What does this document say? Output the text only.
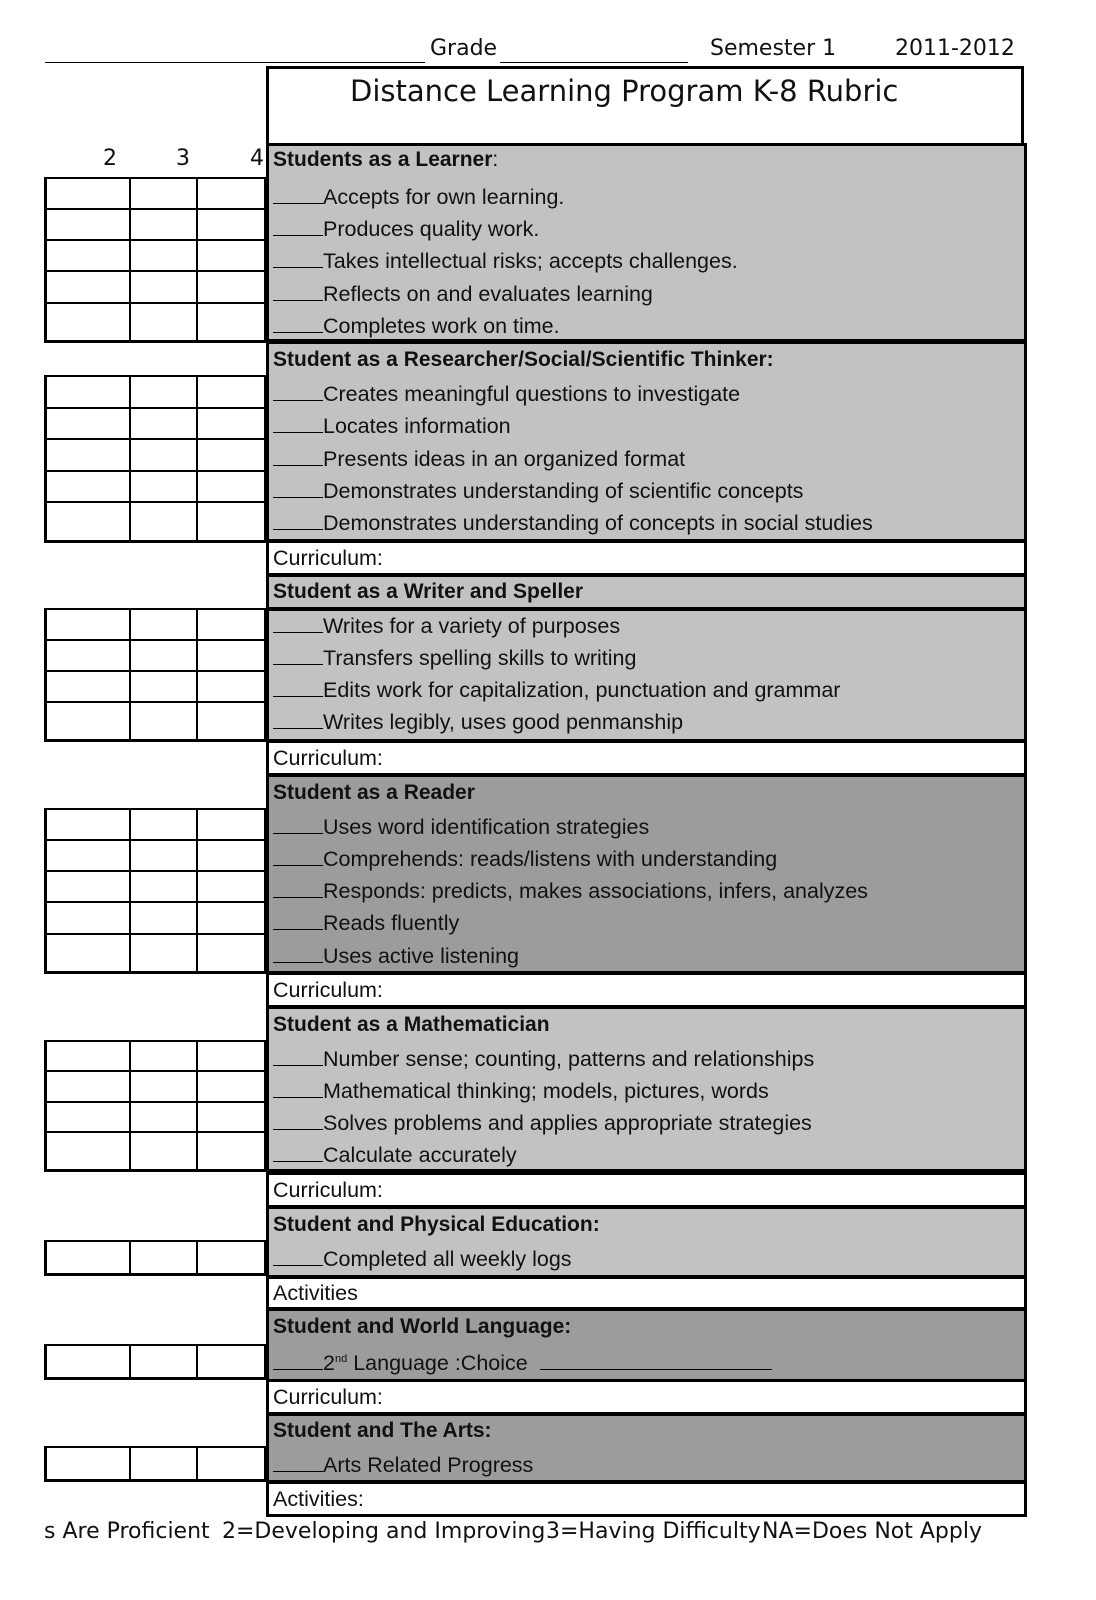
Grade	Semester 1	2011-2012
Distance Learning Program K-8 Rubric
2	3	4 Students as a Learner:
Accepts for own learning.
Produces quality work.
Takes intellectual risks; accepts challenges.
Reflects on and evaluates learning
Completes work on time.

Student as a Researcher/Social/Scientific Thinker:
Creates meaningful questions to investigate
Locates information
Presents ideas in an organized format
Demonstrates understanding of scientific concepts
Demonstrates understanding of concepts in social studies

Curriculum:
Student as a Writer and Speller
Writes for a variety of purposes
Transfers spelling skills to writing
Edits work for capitalization, punctuation and grammar
Writes legibly, uses good penmanship

Curriculum:
Student as a Reader
Uses word identification strategies
Comprehends: reads/listens with understanding
Responds: predicts, makes associations, infers, analyzes
Reads fluently
Uses active listening

Curriculum:
Student as a Mathematician
Number sense; counting, patterns and relationships
Mathematical thinking; models, pictures, words
Solves problems and applies appropriate strategies
Calculate accurately

Curriculum:
Student and Physical Education:
Completed all weekly logs

Activities
Student and World Language:
2nd Language :Choice

Curriculum:
Student and The Arts:
Arts Related Progress

Activities:
s Are Proficient 2=Developing and Improving 3=Having Difficulty NA=Does Not Apply
